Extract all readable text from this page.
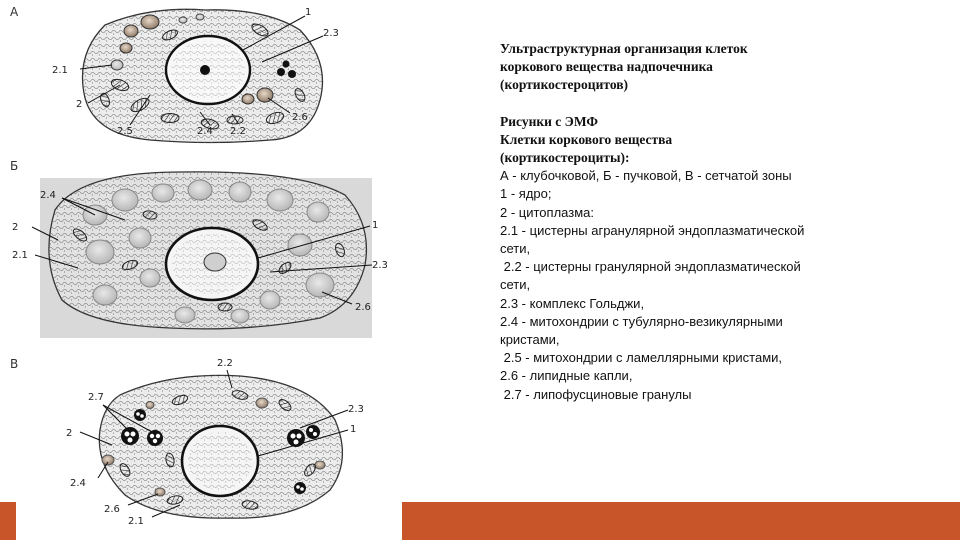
А	1
2.3
2.1
2
2.6
2.5	2.4 2.2
Б
2.4
2
2.1
1
2.3
2.6
В	2.2
2.7
2.3
2	1
2.4
2.6
2.1

Ультраструктурная организация клеток

коркового вещества надпочечника

(кортикостероцитов)

Рисунки с ЭМФ

Клетки коркового вещества

(кортикостероциты):

А - клубочковой, Б - пучковой, В - сетчатой зоны

1 - ядро;

2 - цитоплазма:

2.1 - цистерны агранулярной эндоплазматической

сети,

2.2 - цистерны гранулярной эндоплазматической

сети,

2.3 - комплекс Гольджи,

2.4 - митохондрии с тубулярно-везикулярными

кристами,

2.5 - митохондрии с ламеллярными кристами,

2.6 - липидные капли,

2.7 - липофусциновые гранулы
